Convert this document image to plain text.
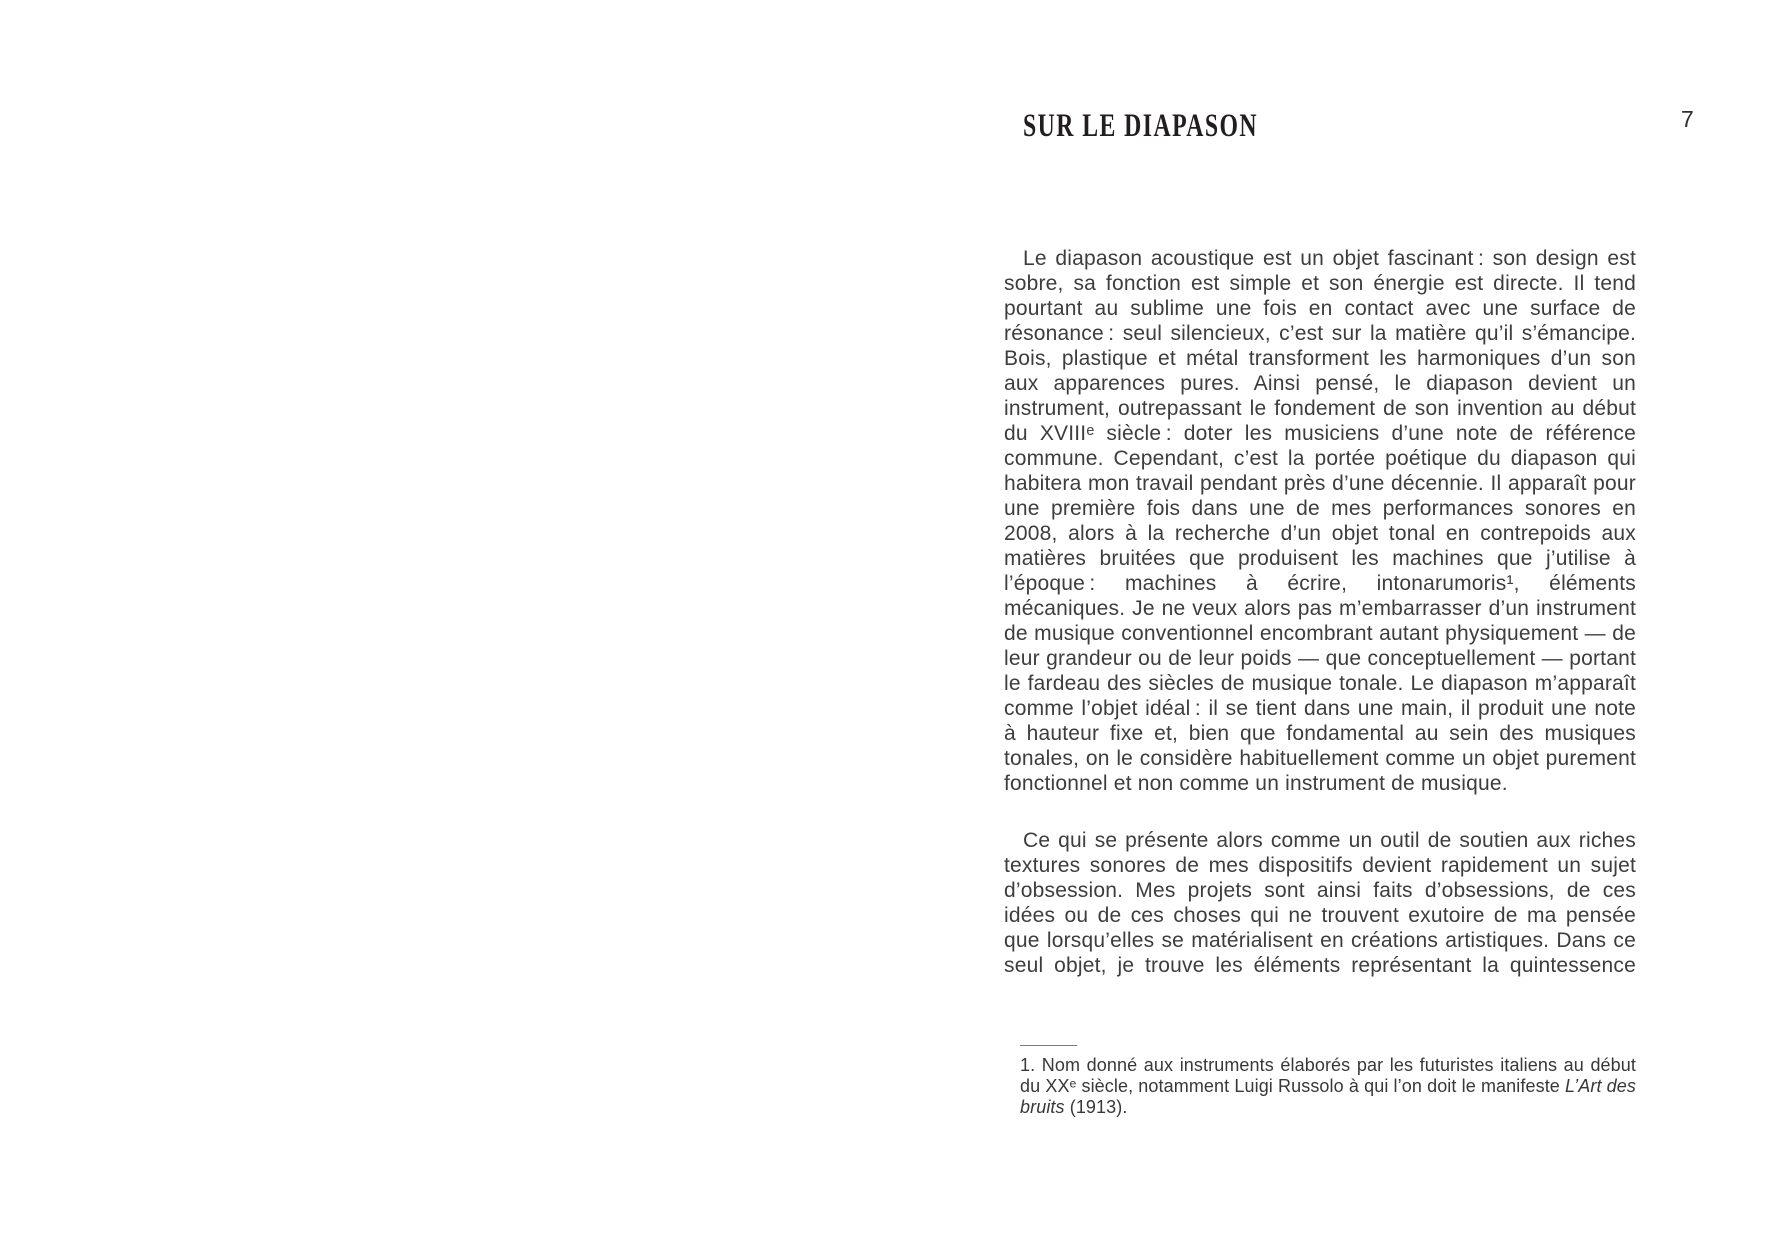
SUR LE DIAPASON	7

Le diapason acoustique est un objet fascinant : son design est sobre, sa fonction est simple et son énergie est directe. Il tend pourtant au sublime une fois en contact avec une surface de résonance : seul silencieux, c’est sur la matière qu’il s’émancipe. Bois, plastique et métal transforment les harmoniques d’un son aux apparences pures. Ainsi pensé, le diapason devient un instrument, outrepassant le fondement de son invention au début du XVIIIᵉ siècle : doter les musiciens d’une note de référence commune. Cependant, c’est la portée poétique du diapason qui habitera mon travail pendant près d’une décennie. Il apparaît pour une première fois dans une de mes performances sonores en 2008, alors à la recherche d’un objet tonal en contrepoids aux matières bruitées que produisent les machines que j’utilise à l’époque : machines à écrire, intonarumoris¹, éléments mécaniques. Je ne veux alors pas m’embarrasser d’un instrument de musique conventionnel encombrant autant physiquement — de leur grandeur ou de leur poids — que conceptuellement — portant le fardeau des siècles de musique tonale. Le diapason m’apparaît comme l’objet idéal : il se tient dans une main, il produit une note à hauteur fixe et, bien que fondamental au sein des musiques tonales, on le considère habituellement comme un objet purement fonctionnel et non comme un instrument de musique.

Ce qui se présente alors comme un outil de soutien aux riches textures sonores de mes dispositifs devient rapidement un sujet d’obsession. Mes projets sont ainsi faits d’obsessions, de ces idées ou de ces choses qui ne trouvent exutoire de ma pensée que lorsqu’elles se matérialisent en créations artistiques. Dans ce seul objet, je trouve les éléments représentant la quintessence

1. Nom donné aux instruments élaborés par les futuristes italiens au début du XXᵉ siècle, notamment Luigi Russolo à qui l’on doit le manifeste L’Art des bruits (1913).
